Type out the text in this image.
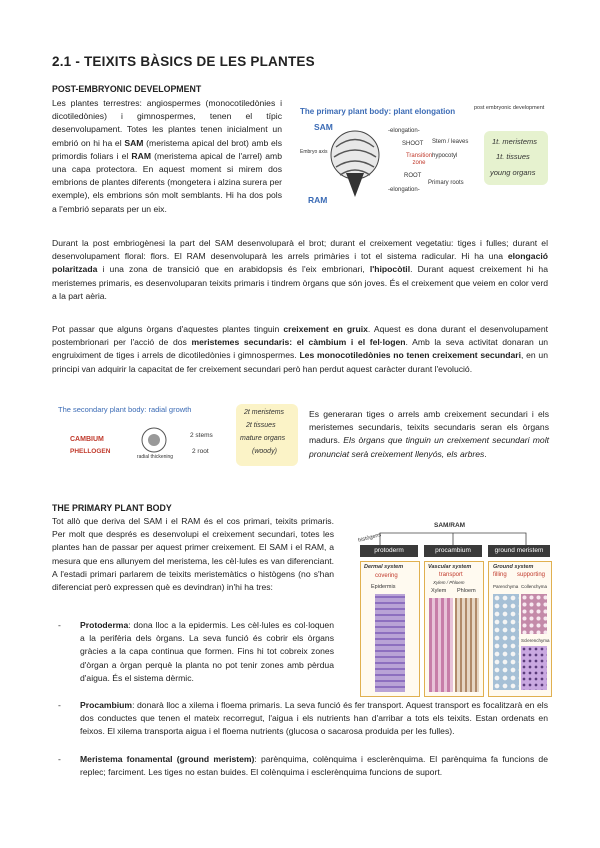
2.1 - TEIXITS BÀSICS DE LES PLANTES
POST-EMBRYONIC DEVELOPMENT

Les plantes terrestres: angiospermes (monocotiledònies i dicotiledònies) i gimnospermes, tenen el típic desenvolupament. Totes les plantes tenen inicialment un embrió on hi ha el SAM (meristema apical del brot) amb els primordis foliars i el RAM (meristema apical de l'arrel) amb una capa protectora. En aquest moment si mirem dos embrions de plantes diferents (mongetera i alzina surera per exemple), els embrions són molt semblants. Hi ha dos pols a l'embrió separats per un eix.

The primary plant body: plant elongation	post embryonic development
SAM
Embryo axis
RAM
-elongation-
Transition zone
-elongation-
SHOOT Stem / leaves
hypocotyl
ROOT
Primary roots
1t. meristems
1t. tissues
young organs

Durant la post embriogènesi la part del SAM desenvoluparà el brot; durant el creixement vegetatiu: tiges i fulles; durant el desenvolupament floral: flors. El RAM desenvoluparà les arrels primàries i tot el sistema radicular. Hi ha una elongació polaritzada i una zona de transició que en arabidopsis és l'eix embrionari, l'hipocòtil. Durant aquest creixement hi ha meristemes primaris, es desenvoluparan teixits primaris i tindrem òrgans que són joves. És el creixement que veiem en color verd a la part aèria.

Pot passar que alguns òrgans d'aquestes plantes tinguin creixement en gruix. Aquest es dona durant el desenvolupament postembrionari per l'acció de dos meristemes secundaris: el càmbium i el fel·logen. Amb la seva activitat donaran un engruiximent de tiges i arrels de dicotiledònies i gimnospermes. Les monocotiledònies no tenen creixement secundari, en un principi van adquirir la capacitat de fer creixement secundari però han perdut aquest caràcter durant l'evolució.

The secondary plant body: radial growth
CAMBIUM
PHELLOGEN
radial thickening
2 stems
2 root
2t meristems
2t tissues
mature organs
(woody)

Es generaran tiges o arrels amb creixement secundari i els meristemes secundaris, teixits secundaris seran els òrgans madurs. Els òrgans que tinguin un creixement secundari molt pronunciat serà creixement llenyós, els arbres.

THE PRIMARY PLANT BODY

Tot allò que deriva del SAM i el RAM és el cos primari, teixits primaris. Per molt que després es desenvolupi el creixement secundari, totes les plantes han de passar per aquest primer creixement. El SAM i el RAM, a mesura que ens allunyem del meristema, les cèl·lules es van diferenciant. A l'estadi primari parlarem de teixits meristemàtics o histògens (no s'han diferenciat però expressen què es devindran) in'hi ha tres:

SAM/RAM
histògens
protoderm	procambium	ground meristem
Dermal system
covering
Epidermis
Vascular system
transport
Xylem / Phloem
Xylem Phloem
Ground system
filling supporting
Parenchyma Collenchyma
Sclerenchyma
- Protoderma: dona lloc a la epidermis. Les cèl·lules es col·loquen a la perifèria dels òrgans. La seva funció és cobrir els òrgans gràcies a la capa continua que formen. Fins hi tot cobreix zones d'òrgan a òrgan perquè la planta no pot tenir zones amb pèrdua d'aigua. És el sistema dèrmic.
- Procambium: donarà lloc a xilema i floema primaris. La seva funció és fer transport. Aquest transport es focalitzarà en els dos conductes que tenen el mateix recorregut, l'aigua i els nutrients han d'arribar a tots els teixits. Estan ordenats en feixos. El xilema transporta aigua i el floema nutrients (glucosa o sacarosa produida per les fulles).
- Meristema fonamental (ground meristem): parènquima, colènquima i esclerènquima. El parènquima fa funcions de replec; farciment. Les tiges no estan buides. El colènquima i esclerènquima funcions de suport.
